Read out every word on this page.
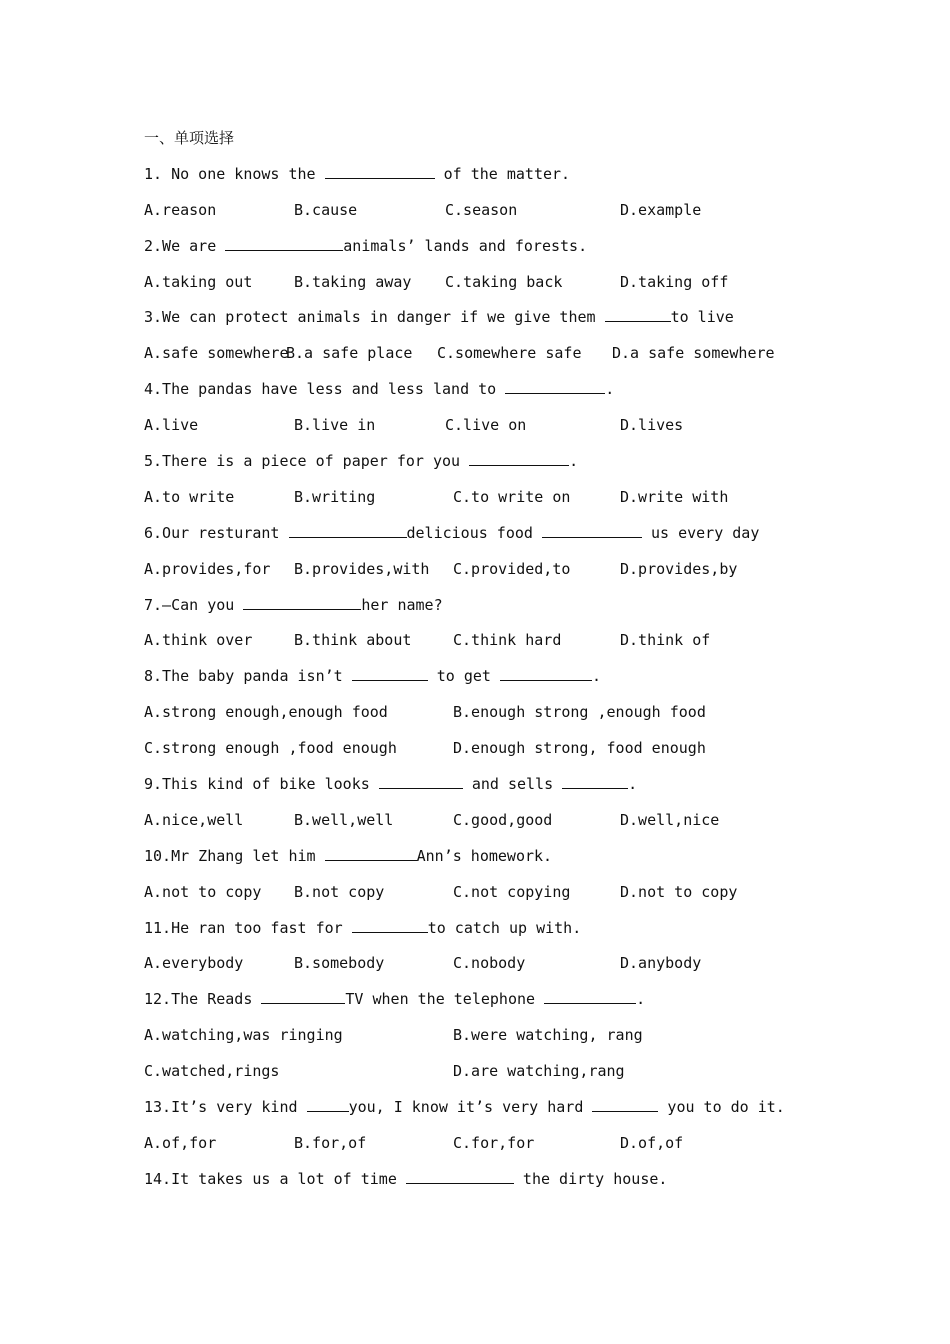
一、单项选择
1. No one knows the	of the matter.

A.reason

	B.cause

	C.season

	D.example

2.We are	animals’ lands and forests.

A.taking out

	B.taking away

C.taking back

	D.taking off

3.We can protect animals in danger if we give them	to live

A.safe somewhere

B.a safe place

C.somewhere safe

D.a safe somewhere

4.The pandas have less and less land to	.

A.live

	B.live in

	C.live on

	D.lives

5.There is a piece of paper for you	.

A.to write

	B.writing

	C.to write on

	D.write with

6.Our resturant	delicious food	us every day

A.provides,for

B.provides,with

C.provided,to

	D.provides,by

7.—Can you	her name?

A.think over

	B.think about

	C.think hard

	D.think of

8.The baby panda isn’t	to get	.

A.strong enough,enough food

	B.enough strong ,enough food

C.strong enough ,food enough

	D.enough strong, food enough

9.This kind of bike looks	and sells	.

A.nice,well

	B.well,well

	C.good,good

	D.well,nice

10.Mr Zhang let him	Ann’s homework.

A.not to copy

B.not copy

	C.not copying

	D.not to copy

11.He ran too fast for	to catch up with.

A.everybody

	B.somebody

	C.nobody

	D.anybody

12.The Reads	TV when the telephone	.

A.watching,was ringing

	B.were watching, rang

C.watched,rings

	D.are watching,rang

13.It’s very kind	you, I know it’s very hard	you to do it.

A.of,for

	B.for,of

	C.for,for

	D.of,of

14.It takes us a lot of time	the dirty house.
